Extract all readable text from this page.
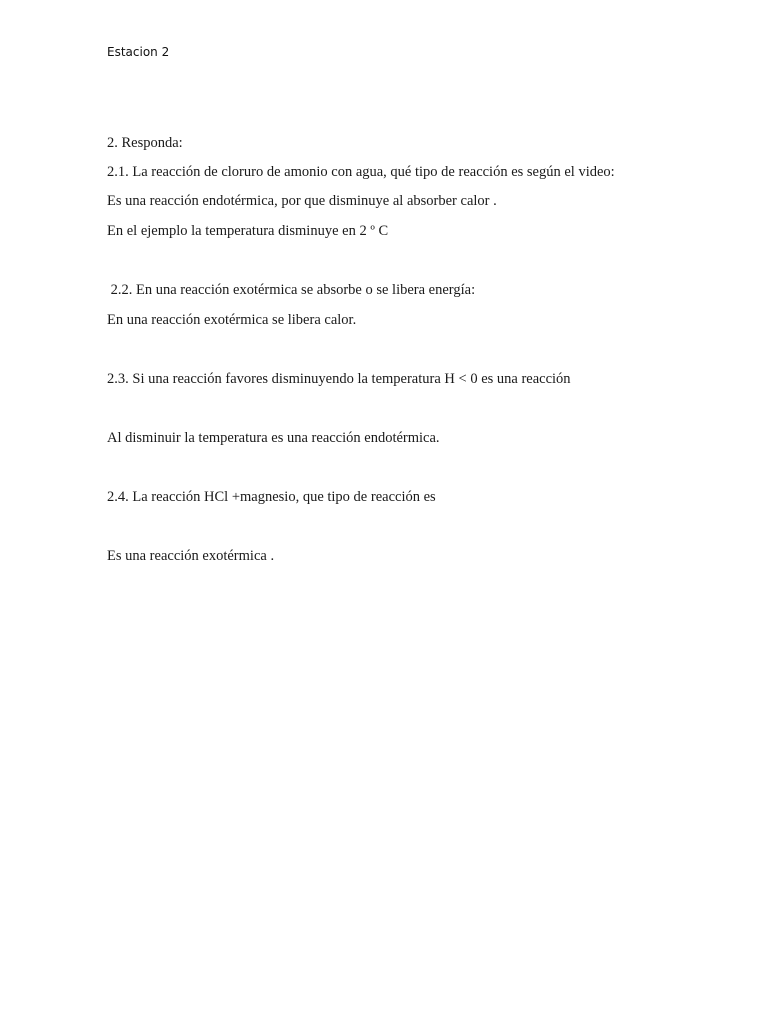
Estacion 2
2. Responda:
2.1. La reacción de cloruro de amonio con agua, qué tipo de reacción es según el video:
Es una reacción endotérmica, por que disminuye al absorber calor .
En el ejemplo la temperatura disminuye en 2 º C
2.2. En una reacción exotérmica se absorbe o se libera energía:
En una reacción exotérmica se libera calor.
2.3. Si una reacción favores disminuyendo la temperatura H < 0 es una reacción
Al disminuir la temperatura es una reacción endotérmica.
2.4. La reacción HCl +magnesio, que tipo de reacción es
Es una reacción exotérmica .
